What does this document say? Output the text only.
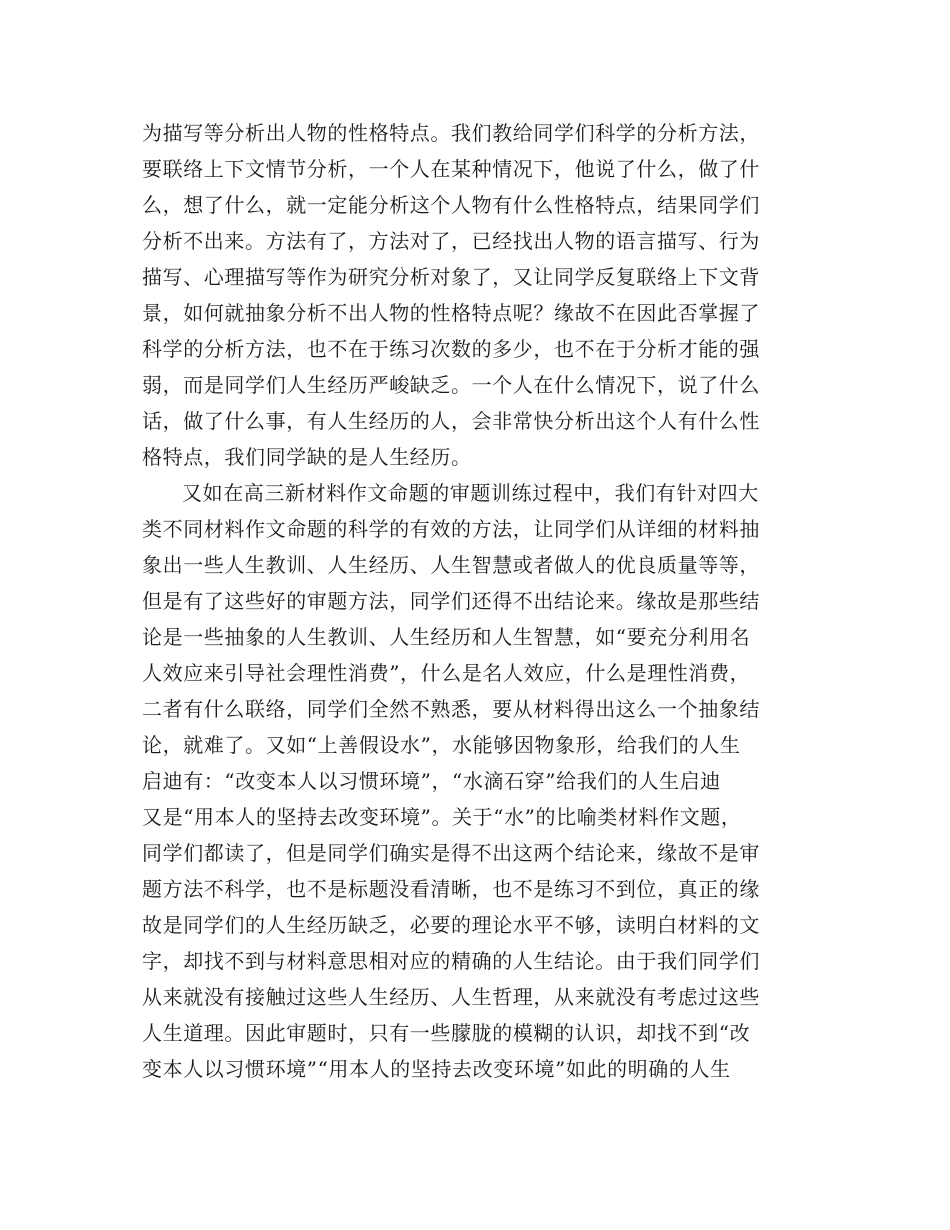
为描写等分析出人物的性格特点。我们教给同学们科学的分析方法，
要联络上下文情节分析，一个人在某种情况下，他说了什么，做了什
么，想了什么，就一定能分析这个人物有什么性格特点，结果同学们
分析不出来。方法有了，方法对了，已经找出人物的语言描写、行为
描写、心理描写等作为研究分析对象了，又让同学反复联络上下文背
景，如何就抽象分析不出人物的性格特点呢？缘故不在因此否掌握了
科学的分析方法，也不在于练习次数的多少，也不在于分析才能的强
弱，而是同学们人生经历严峻缺乏。一个人在什么情况下，说了什么
话，做了什么事，有人生经历的人，会非常快分析出这个人有什么性
格特点，我们同学缺的是人生经历。
又如在高三新材料作文命题的审题训练过程中，我们有针对四大
类不同材料作文命题的科学的有效的方法，让同学们从详细的材料抽
象出一些人生教训、人生经历、人生智慧或者做人的优良质量等等，
但是有了这些好的审题方法，同学们还得不出结论来。缘故是那些结
论是一些抽象的人生教训、人生经历和人生智慧，如“要充分利用名
人效应来引导社会理性消费”，什么是名人效应，什么是理性消费，
二者有什么联络，同学们全然不熟悉，要从材料得出这么一个抽象结
论，就难了。又如“上善假设水”，水能够因物象形，给我们的人生
启迪有：“改变本人以习惯环境”，“水滴石穿”给我们的人生启迪
又是“用本人的坚持去改变环境”。关于“水”的比喻类材料作文题，
同学们都读了，但是同学们确实是得不出这两个结论来，缘故不是审
题方法不科学，也不是标题没看清晰，也不是练习不到位，真正的缘
故是同学们的人生经历缺乏，必要的理论水平不够，读明白材料的文
字，却找不到与材料意思相对应的精确的人生结论。由于我们同学们
从来就没有接触过这些人生经历、人生哲理，从来就没有考虑过这些
人生道理。因此审题时，只有一些朦胧的模糊的认识，却找不到“改
变本人以习惯环境”“用本人的坚持去改变环境”如此的明确的人生
